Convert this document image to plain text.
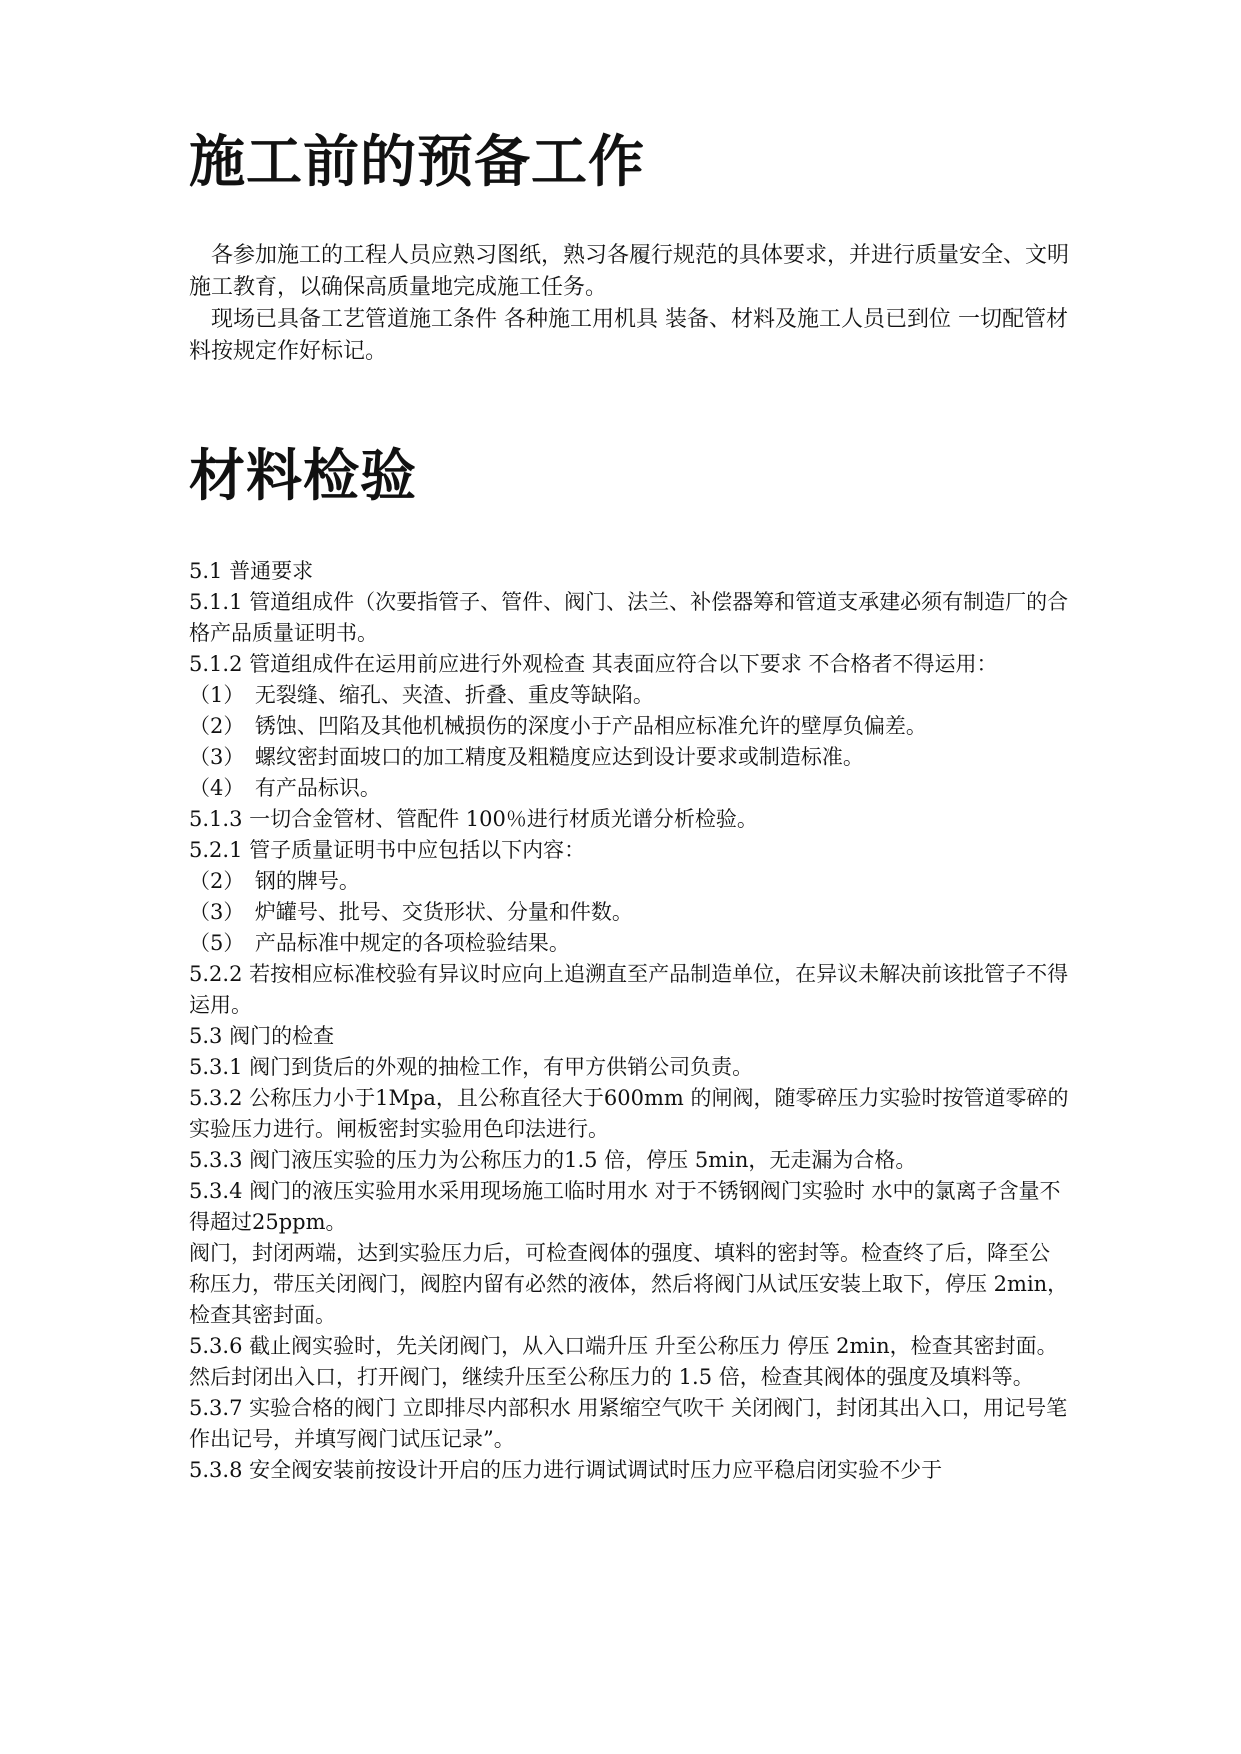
施工前的预备工作

各参加施工的工程人员应熟习图纸，熟习各履行规范的具体要求，并进行质量安全、文明施工教育，以确保高质量地完成施工任务。

现场已具备工艺管道施工条件 各种施工用机具 装备、材料及施工人员已到位 一切配管材料按规定作好标记。

材料检验

5.1 普通要求

5.1.1 管道组成件（次要指管子、管件、阀门、法兰、补偿器筹和管道支承建必须有制造厂的合格产品质量证明书。

5.1.2 管道组成件在运用前应进行外观检查 其表面应符合以下要求 不合格者不得运用：

（1）　无裂缝、缩孔、夹渣、折叠、重皮等缺陷。

（2）　锈蚀、凹陷及其他机械损伤的深度小于产品相应标准允许的壁厚负偏差。

（3）　螺纹密封面坡口的加工精度及粗糙度应达到设计要求或制造标准。

（4）　有产品标识。

5.1.3 一切合金管材、管配件 100％进行材质光谱分析检验。

5.2.1 管子质量证明书中应包括以下内容：

（2）　钢的牌号。

（3）　炉罐号、批号、交货形状、分量和件数。

（5）　产品标准中规定的各项检验结果。

5.2.2 若按相应标准校验有异议时应向上追溯直至产品制造单位，在异议未解决前该批管子不得运用。

5.3 阀门的检查

5.3.1 阀门到货后的外观的抽检工作，有甲方供销公司负责。

5.3.2 公称压力小于1Mpa，且公称直径大于600mm 的闸阀，随零碎压力实验时按管道零碎的实验压力进行。闸板密封实验用色印法进行。

5.3.3 阀门液压实验的压力为公称压力的1.5 倍，停压 5min，无走漏为合格。

5.3.4 阀门的液压实验用水采用现场施工临时用水 对于不锈钢阀门实验时 水中的氯离子含量不得超过25ppm。

阀门，封闭两端，达到实验压力后，可检查阀体的强度、填料的密封等。检查终了后，降至公称压力，带压关闭阀门，阀腔内留有必然的液体，然后将阀门从试压安装上取下，停压 2min，检查其密封面。

5.3.6 截止阀实验时，先关闭阀门，从入口端升压 升至公称压力 停压 2min，检查其密封面。然后封闭出入口，打开阀门，继续升压至公称压力的 1.5 倍，检查其阀体的强度及填料等。

5.3.7 实验合格的阀门 立即排尽内部积水 用紧缩空气吹干 关闭阀门，封闭其出入口，用记号笔作出记号，并填写阀门试压记录”。

5.3.8 安全阀安装前按设计开启的压力进行调试调试时压力应平稳启闭实验不少于
